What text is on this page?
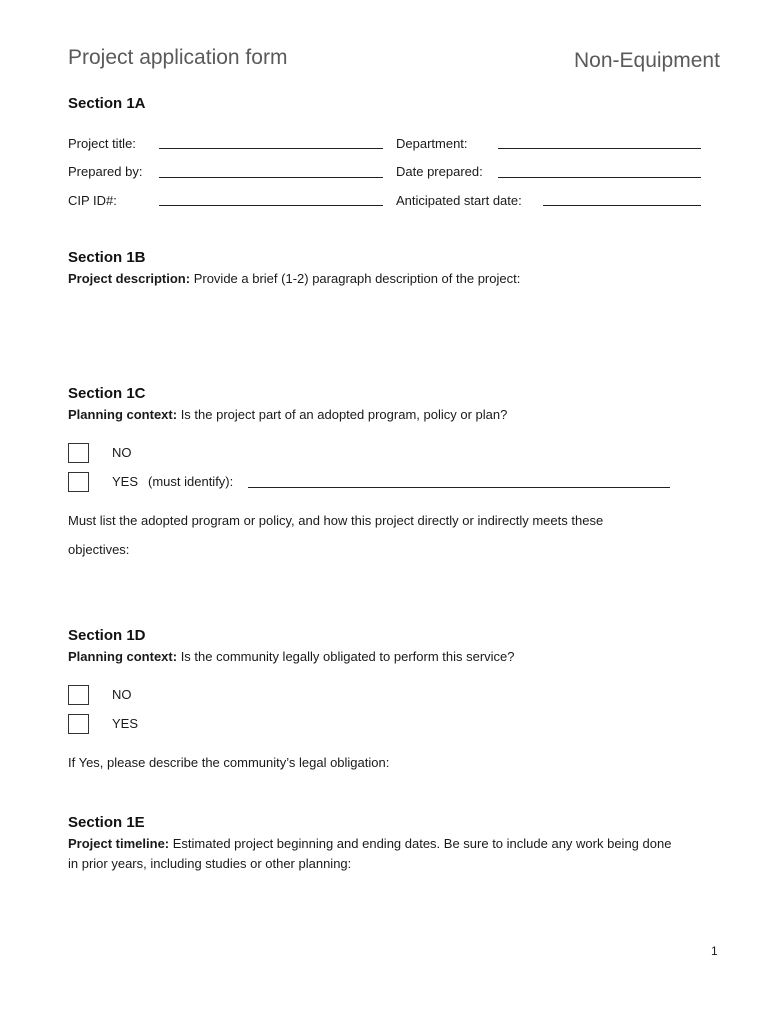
Project application form	Non-Equipment
Section 1A
Project title:	Department:
Prepared by:	Date prepared:
CIP ID#:	Anticipated start date:
Section 1B
Project description: Provide a brief (1-2) paragraph description of the project:
Section 1C
Planning context: Is the project part of an adopted program, policy or plan?
NO
YES (must identify):
Must list the adopted program or policy, and how this project directly or indirectly meets these
objectives:
Section 1D
Planning context: Is the community legally obligated to perform this service?
NO
YES
If Yes, please describe the community’s legal obligation:
Section 1E
Project timeline: Estimated project beginning and ending dates. Be sure to include any work being done
in prior years, including studies or other planning:
1
